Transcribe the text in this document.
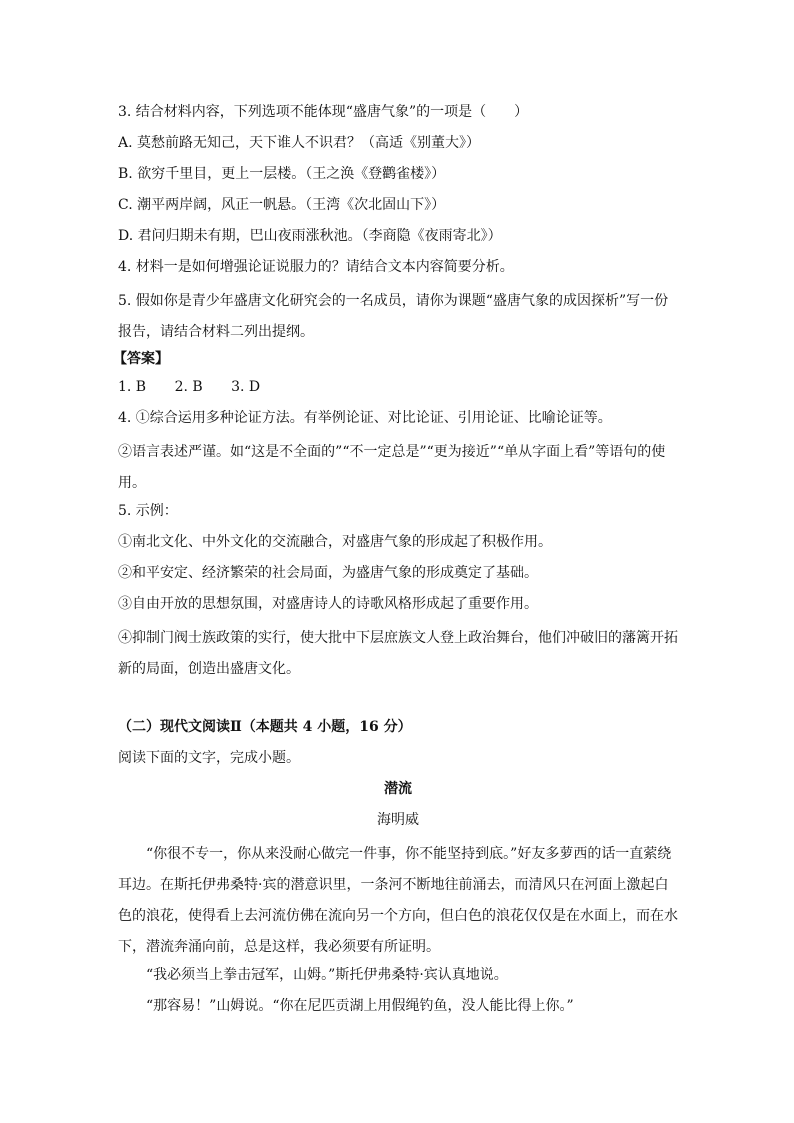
3. 结合材料内容，下列选项不能体现“盛唐气象”的一项是（　　）
A. 莫愁前路无知己，天下谁人不识君？（高适《别董大》）
B. 欲穷千里目，更上一层楼。（王之涣《登鹳雀楼》）
C. 潮平两岸阔，风正一帆悬。（王湾《次北固山下》）
D. 君问归期未有期，巴山夜雨涨秋池。（李商隐《夜雨寄北》）
4. 材料一是如何增强论证说服力的？请结合文本内容简要分析。
5. 假如你是青少年盛唐文化研究会的一名成员，请你为课题“盛唐气象的成因探析”写一份报告，请结合材料二列出提纲。
【答案】
1. B 2. B 3. D
4. ①综合运用多种论证方法。有举例论证、对比论证、引用论证、比喻论证等。
②语言表述严谨。如“这是不全面的”“不一定总是”“更为接近”“单从字面上看”等语句的使用。
5. 示例：
①南北文化、中外文化的交流融合，对盛唐气象的形成起了积极作用。
②和平安定、经济繁荣的社会局面，为盛唐气象的形成奠定了基础。
③自由开放的思想氛围，对盛唐诗人的诗歌风格形成起了重要作用。
④抑制门阀士族政策的实行，使大批中下层庶族文人登上政治舞台，他们冲破旧的藩篱开拓新的局面，创造出盛唐文化。
（二）现代文阅读Ⅱ（本题共 4 小题，16 分）
阅读下面的文字，完成小题。
潜流
海明威
“你很不专一，你从来没耐心做完一件事，你不能坚持到底。”好友多萝西的话一直萦绕耳边。在斯托伊弗桑特·宾的潜意识里，一条河不断地往前涌去，而清风只在河面上激起白色的浪花，使得看上去河流仿佛在流向另一个方向，但白色的浪花仅仅是在水面上，而在水下，潜流奔涌向前，总是这样，我必须要有所证明。
“我必须当上拳击冠军，山姆。”斯托伊弗桑特·宾认真地说。
“那容易！”山姆说。“你在尼匹贡湖上用假绳钓鱼，没人能比得上你。”
